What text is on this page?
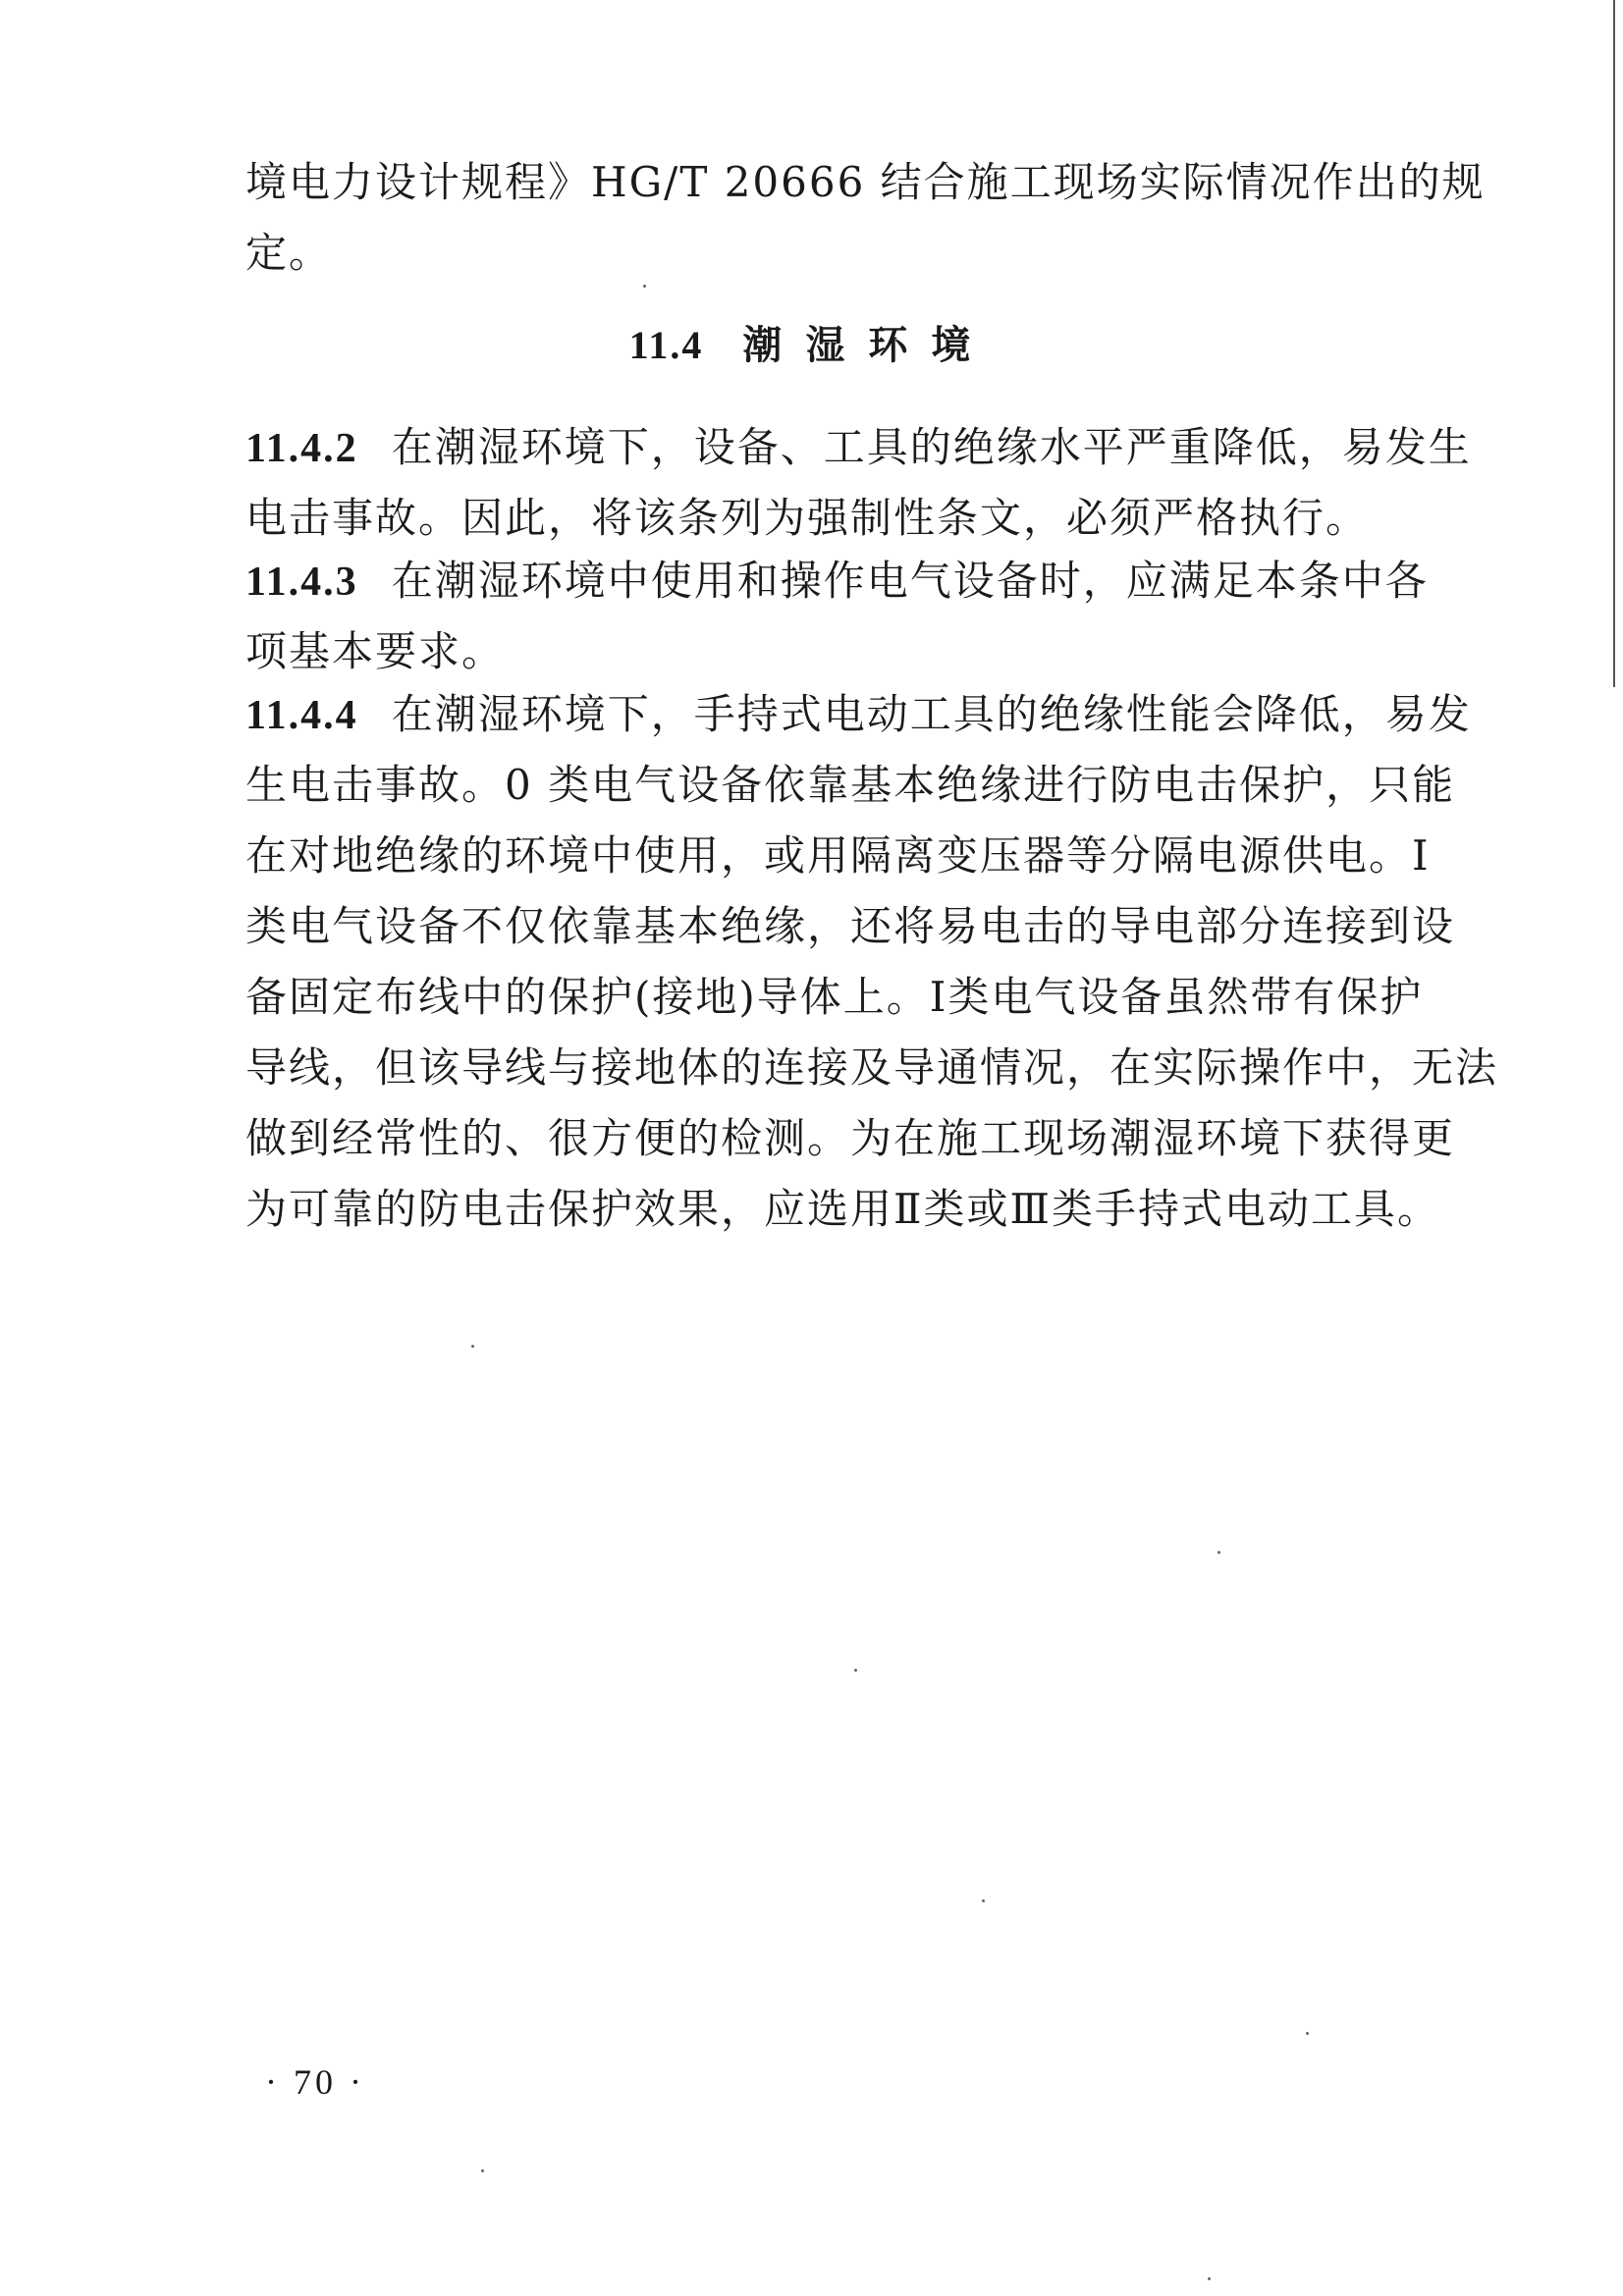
境电力设计规程》HG/T 20666 结合施工现场实际情况作出的规
定。
11.4 潮湿环境
11.4.2 在潮湿环境下，设备、工具的绝缘水平严重降低，易发生
电击事故。因此，将该条列为强制性条文，必须严格执行。
11.4.3 在潮湿环境中使用和操作电气设备时，应满足本条中各
项基本要求。
11.4.4 在潮湿环境下，手持式电动工具的绝缘性能会降低，易发
生电击事故。0 类电气设备依靠基本绝缘进行防电击保护，只能
在对地绝缘的环境中使用，或用隔离变压器等分隔电源供电。Ⅰ
类电气设备不仅依靠基本绝缘，还将易电击的导电部分连接到设
备固定布线中的保护(接地)导体上。Ⅰ类电气设备虽然带有保护
导线，但该导线与接地体的连接及导通情况，在实际操作中，无法
做到经常性的、很方便的检测。为在施工现场潮湿环境下获得更
为可靠的防电击保护效果，应选用Ⅱ类或Ⅲ类手持式电动工具。
· 70 ·
